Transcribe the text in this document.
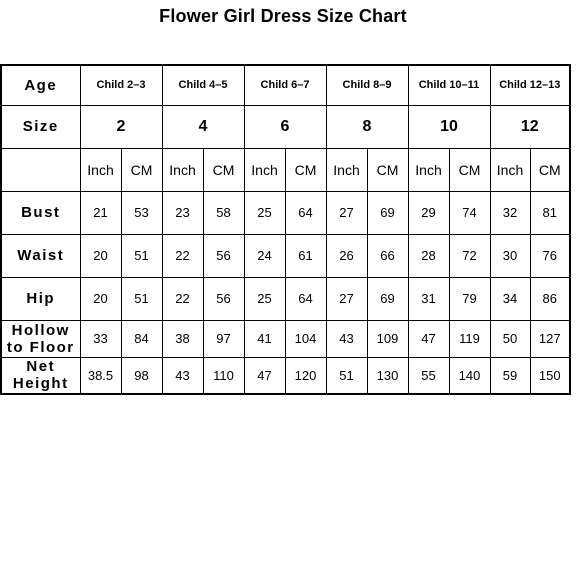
Flower Girl Dress Size Chart
Age	Child 2–3		Child 4–5		Child 6–7		Child 8–9		Child 10–11		Child 12–13	
Size	2		4		6		8		10		12	
	Inch	CM	Inch	CM	Inch	CM	Inch	CM	Inch	CM	Inch	CM

Bust	21	53	23	58	25	64	27	69	29	74	32	81

Waist	20	51	22	56	24	61	26	66	28	72	30	76

Hip	20	51	22	56	25	64	27	69	31	79	34	86

Hollow
to Floor	33	84	38	97	41	104	43	109	47	119	50	127

Net
Height	38.5	98	43	110	47	120	51	130	55	140	59	150
